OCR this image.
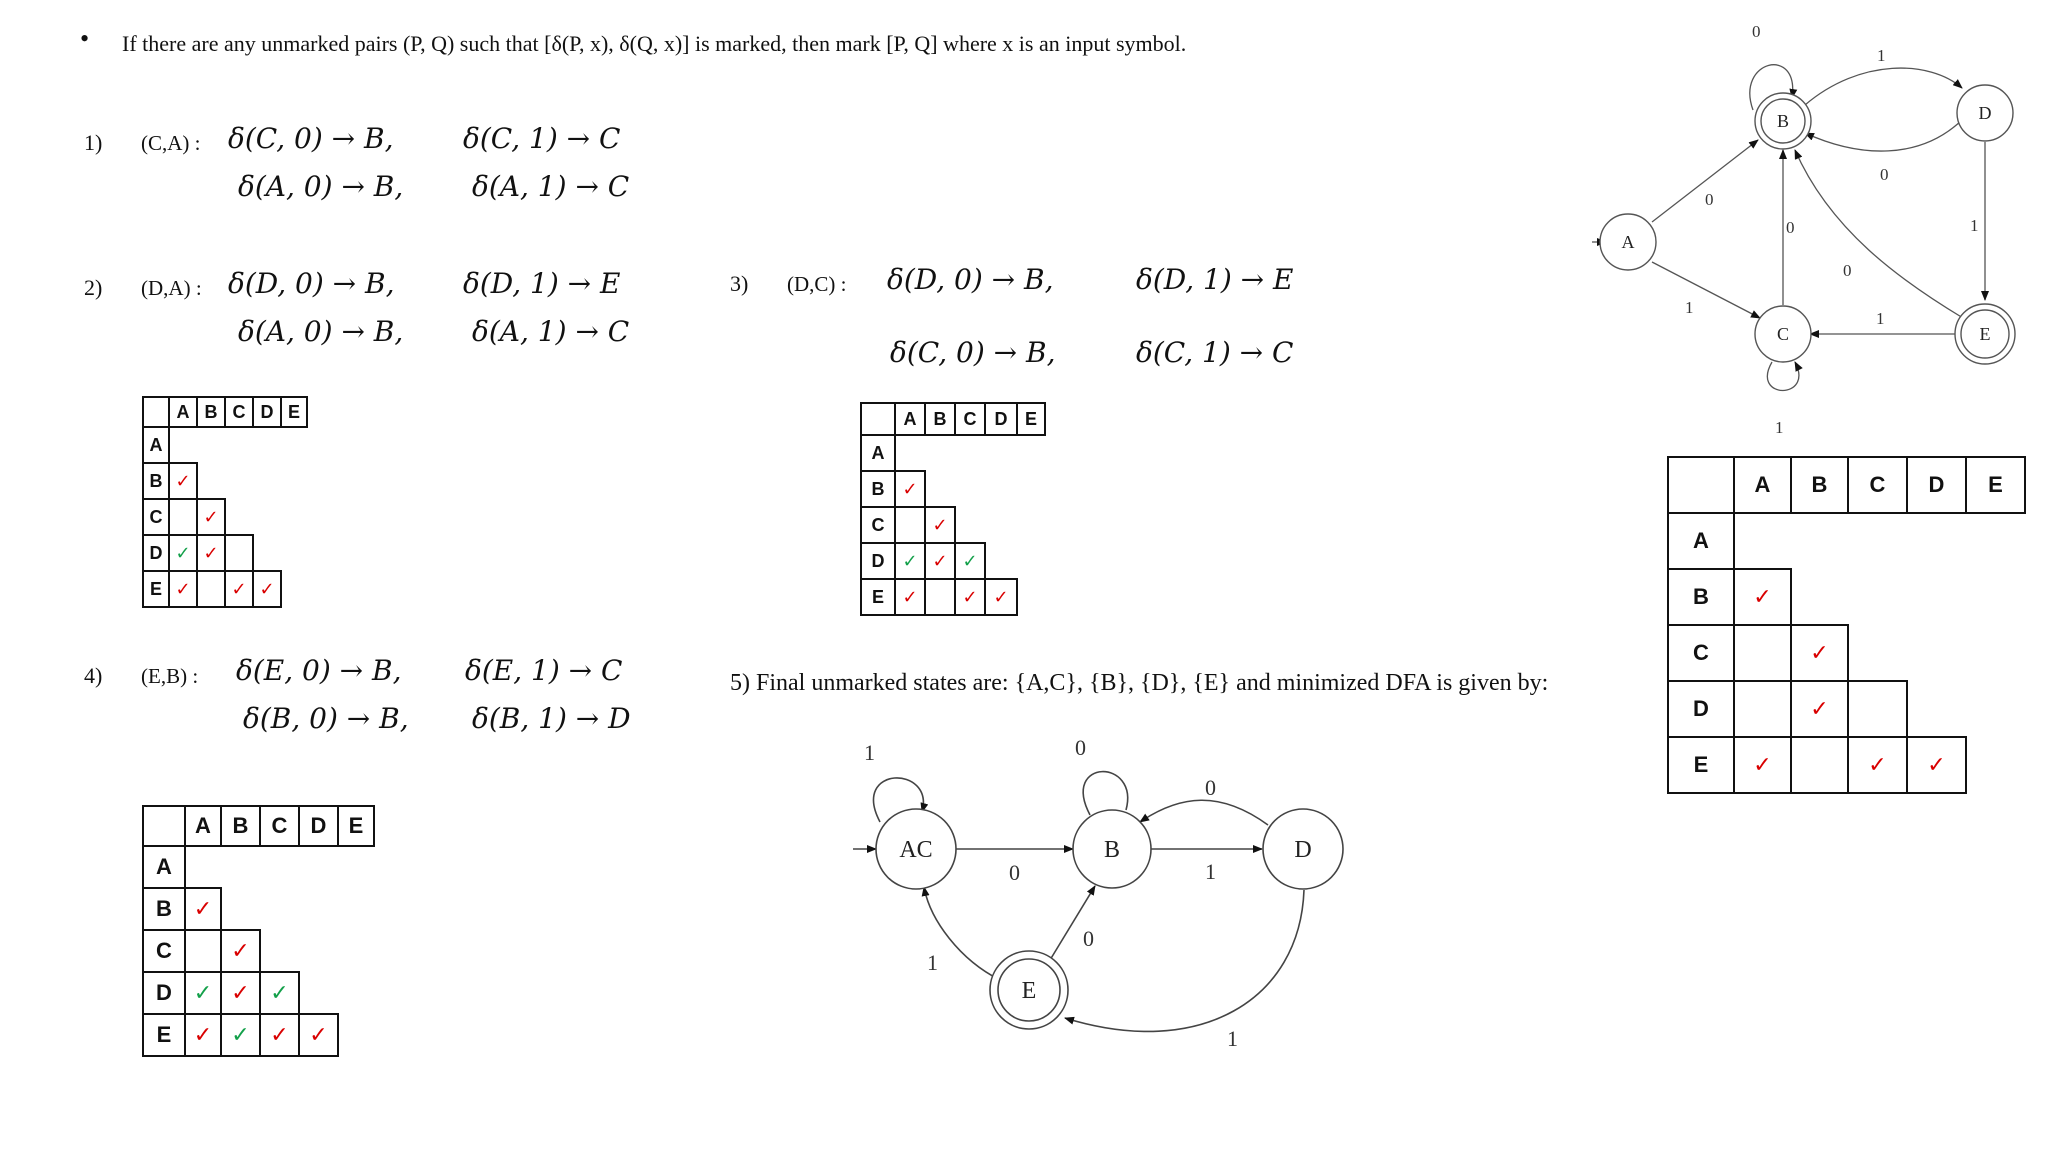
• If there are any unmarked pairs (P, Q) such that [δ(P, x), δ(Q, x)] is marked, then mark [P, Q] where x is an input symbol.
1) (C,A) : δ(C, 0) → B, δ(C, 1) → C
δ(A, 0) → B, δ(A, 1) → C
2) (D,A) : δ(D, 0) → B, δ(D, 1) → E
δ(A, 0) → B, δ(A, 1) → C
3) (D,C) : δ(D, 0) → B,	δ(D, 1) → E
δ(C, 0) → B,	δ(C, 1) → C
4) (E,B) : δ(E, 0) → B, δ(E, 1) → C
δ(B, 0) → B, δ(B, 1) → D
5) Final unmarked states are: {A,C}, {B}, {D}, {E} and minimized DFA is given by:
	A	B	C	D	E
A					
B	✓				
C		✓			
D	✓	✓			
E	✓		✓	✓	
	A	B	C	D	E
A					
B	✓				
C		✓			
D	✓	✓	✓		
E	✓		✓	✓	
	A	B	C	D	E
A					
B	✓				
C		✓			
D	✓	✓	✓		
E	✓	✓	✓	✓	
	A	B	C	D	E
A					
B	✓				
C		✓			
D		✓			
E	✓		✓	✓	
0
1
0
1
0
1
0
0
1
1
B	D
A
C	E
1	0
0
0	1
1
0
1
AC	B	D
E
